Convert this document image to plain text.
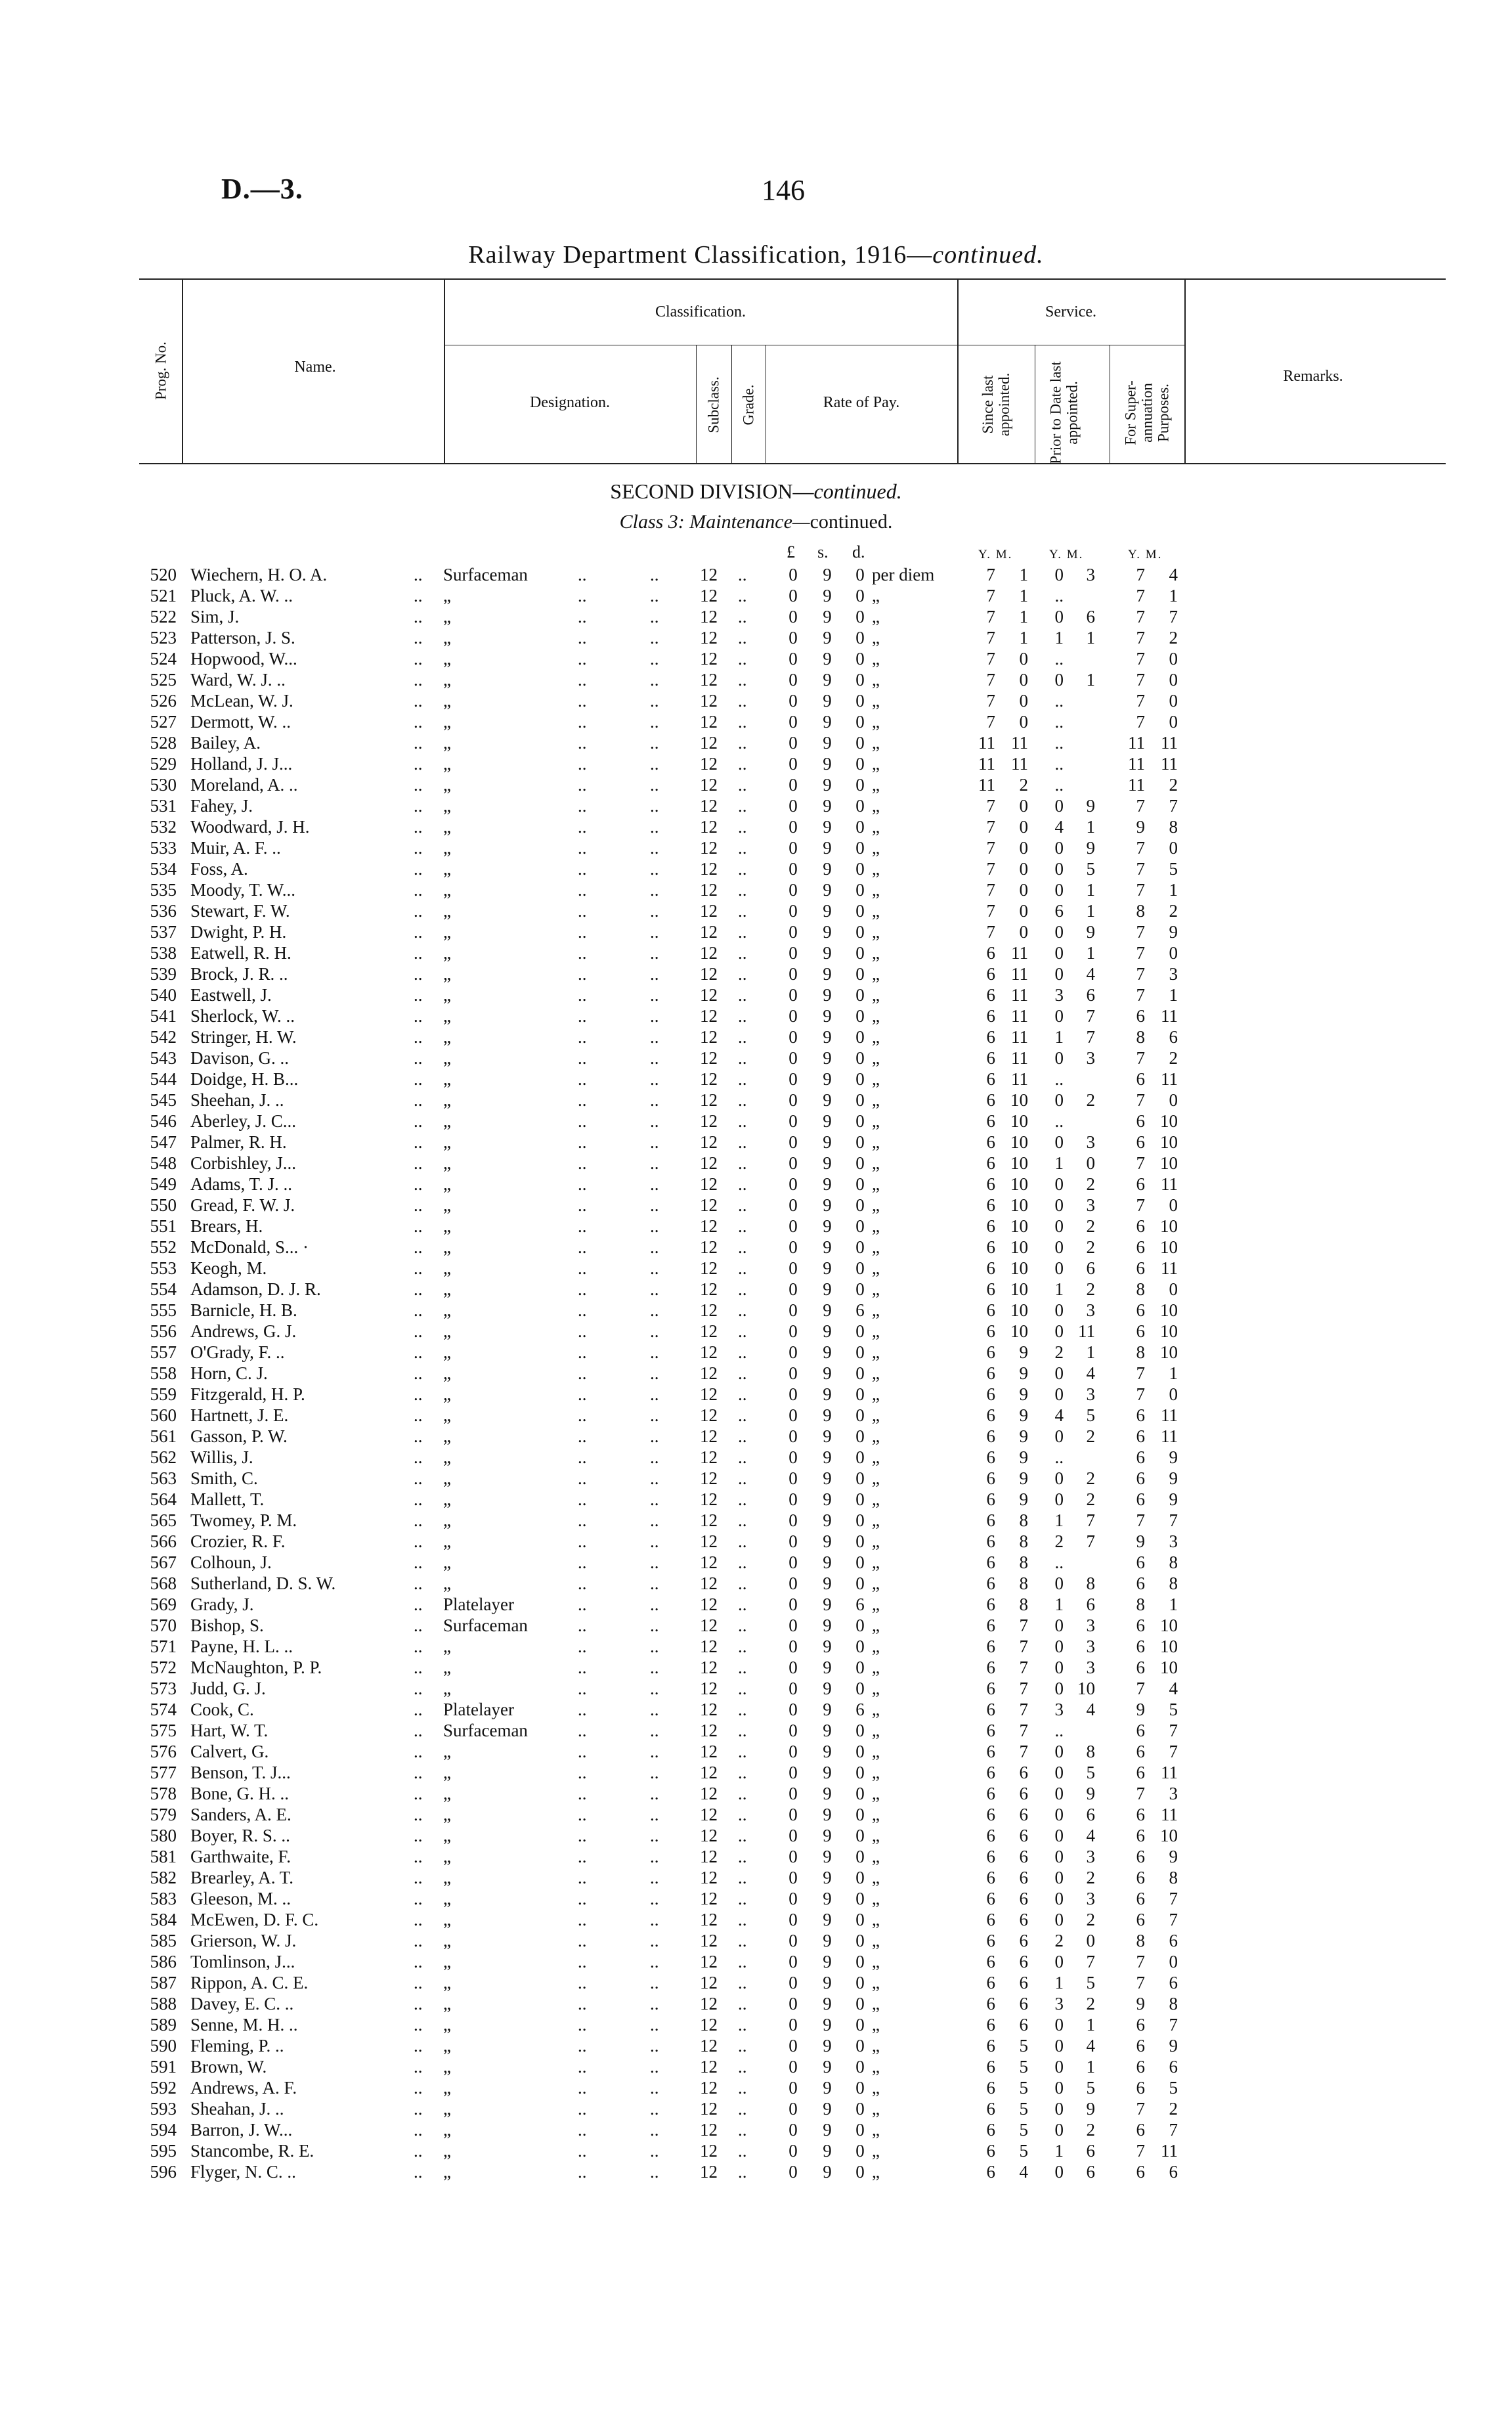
D.—3.	146
Railway Department Classification, 1916—continued.
Prog. No.	Name.
Classification.
Designation.	Subclass. Grade.	Rate of Pay.
Service.
Since last appointed. Prior to Date last appointed.	For Super-annuation Purposes.
Remarks.
SECOND DIVISION—continued.
Class 3: Maintenance—continued.
£ s. d.	Y. M.	Y. M.	Y. M.
520 Wiechern, H. O. A.	.. Surfaceman	..	..	12 .. 0 9 0 per diem	7	1	0	3	7	4
521 Pluck, A. W. ..	.. „	..	..	12 .. 0 9 0 „	7	1	..	7	1
522 Sim, J.	.. „	..	..	12 .. 0 9 0 „	7	1	0	6	7	7
523 Patterson, J. S.	.. „	..	..	12 .. 0 9 0 „	7	1	1	1	7	2
524 Hopwood, W...	.. „	..	..	12 .. 0 9 0 „	7	0	..	7	0
525 Ward, W. J. ..	.. „	..	..	12 .. 0 9 0 „	7	0	0	1	7	0
526 McLean, W. J.	.. „	..	..	12 .. 0 9 0 „	7	0	..	7	0
527 Dermott, W. ..	.. „	..	..	12 .. 0 9 0 „	7	0	..	7	0
528 Bailey, A.	.. „	..	..	12 .. 0 9 0 „	11 11	..	11 11
529 Holland, J. J...	.. „	..	..	12 .. 0 9 0 „	11 11	..	11 11
530 Moreland, A. ..	.. „	..	..	12 .. 0 9 0 „	11	2	..	11	2
531 Fahey, J.	.. „	..	..	12 .. 0 9 0 „	7	0	0	9	7	7
532 Woodward, J. H.	.. „	..	..	12 .. 0 9 0 „	7	0	4	1	9	8
533 Muir, A. F. ..	.. „	..	..	12 .. 0 9 0 „	7	0	0	9	7	0
534 Foss, A.	.. „	..	..	12 .. 0 9 0 „	7	0	0	5	7	5
535 Moody, T. W...	.. „	..	..	12 .. 0 9 0 „	7	0	0	1	7	1
536 Stewart, F. W.	.. „	..	..	12 .. 0 9 0 „	7	0	6	1	8	2
537 Dwight, P. H.	.. „	..	..	12 .. 0 9 0 „	7	0	0	9	7	9
538 Eatwell, R. H.	.. „	..	..	12 .. 0 9 0 „	6 11	0	1	7	0
539 Brock, J. R. ..	.. „	..	..	12 .. 0 9 0 „	6 11	0	4	7	3
540 Eastwell, J.	.. „	..	..	12 .. 0 9 0 „	6 11	3	6	7	1
541 Sherlock, W. ..	.. „	..	..	12 .. 0 9 0 „	6 11	0	7	6 11
542 Stringer, H. W.	.. „	..	..	12 .. 0 9 0 „	6 11	1	7	8	6
543 Davison, G. ..	.. „	..	..	12 .. 0 9 0 „	6 11	0	3	7	2
544 Doidge, H. B...	.. „	..	..	12 .. 0 9 0 „	6 11	..	6 11
545 Sheehan, J. ..	.. „	..	..	12 .. 0 9 0 „	6 10	0	2	7	0
546 Aberley, J. C...	.. „	..	..	12 .. 0 9 0 „	6 10	..	6 10
547 Palmer, R. H.	.. „	..	..	12 .. 0 9 0 „	6 10	0	3	6 10
548 Corbishley, J...	.. „	..	..	12 .. 0 9 0 „	6 10	1	0	7 10
549 Adams, T. J. ..	.. „	..	..	12 .. 0 9 0 „	6 10	0	2	6 11
550 Gread, F. W. J.	.. „	..	..	12 .. 0 9 0 „	6 10	0	3	7	0
551 Brears, H.	.. „	..	..	12 .. 0 9 0 „	6 10	0	2	6 10
552 McDonald, S... ·	.. „	..	..	12 .. 0 9 0 „	6 10	0	2	6 10
553 Keogh, M.	.. „	..	..	12 .. 0 9 0 „	6 10	0	6	6 11
554 Adamson, D. J. R.	.. „	..	..	12 .. 0 9 0 „	6 10	1	2	8	0
555 Barnicle, H. B.	.. „	..	..	12 .. 0 9 6 „	6 10	0	3	6 10
556 Andrews, G. J.	.. „	..	..	12 .. 0 9 0 „	6 10	0 11	6 10
557 O'Grady, F. ..	.. „	..	..	12 .. 0 9 0 „	6	9	2	1	8 10
558 Horn, C. J.	.. „	..	..	12 .. 0 9 0 „	6	9	0	4	7	1
559 Fitzgerald, H. P.	.. „	..	..	12 .. 0 9 0 „	6	9	0	3	7	0
560 Hartnett, J. E.	.. „	..	..	12 .. 0 9 0 „	6	9	4	5	6 11
561 Gasson, P. W.	.. „	..	..	12 .. 0 9 0 „	6	9	0	2	6 11
562 Willis, J.	.. „	..	..	12 .. 0 9 0 „	6	9	..	6	9
563 Smith, C.	.. „	..	..	12 .. 0 9 0 „	6	9	0	2	6	9
564 Mallett, T.	.. „	..	..	12 .. 0 9 0 „	6	9	0	2	6	9
565 Twomey, P. M.	.. „	..	..	12 .. 0 9 0 „	6	8	1	7	7	7
566 Crozier, R. F.	.. „	..	..	12 .. 0 9 0 „	6	8	2	7	9	3
567 Colhoun, J.	.. „	..	..	12 .. 0 9 0 „	6	8	..	6	8
568 Sutherland, D. S. W.	.. „	..	..	12 .. 0 9 0 „	6	8	0	8	6	8
569 Grady, J.	.. Platelayer	..	..	12 .. 0 9 6 „	6	8	1	6	8	1
570 Bishop, S.	.. Surfaceman	..	..	12 .. 0 9 0 „	6	7	0	3	6 10
571 Payne, H. L. ..	.. „	..	..	12 .. 0 9 0 „	6	7	0	3	6 10
572 McNaughton, P. P.	.. „	..	..	12 .. 0 9 0 „	6	7	0	3	6 10
573 Judd, G. J.	.. „	..	..	12 .. 0 9 0 „	6	7	0 10	7	4
574 Cook, C.	.. Platelayer	..	..	12 .. 0 9 6 „	6	7	3	4	9	5
575 Hart, W. T.	.. Surfaceman	..	..	12 .. 0 9 0 „	6	7	..	6	7
576 Calvert, G.	.. „	..	..	12 .. 0 9 0 „	6	7	0	8	6	7
577 Benson, T. J...	.. „	..	..	12 .. 0 9 0 „	6	6	0	5	6 11
578 Bone, G. H. ..	.. „	..	..	12 .. 0 9 0 „	6	6	0	9	7	3
579 Sanders, A. E.	.. „	..	..	12 .. 0 9 0 „	6	6	0	6	6 11
580 Boyer, R. S. ..	.. „	..	..	12 .. 0 9 0 „	6	6	0	4	6 10
581 Garthwaite, F.	.. „	..	..	12 .. 0 9 0 „	6	6	0	3	6	9
582 Brearley, A. T.	.. „	..	..	12 .. 0 9 0 „	6	6	0	2	6	8
583 Gleeson, M. ..	.. „	..	..	12 .. 0 9 0 „	6	6	0	3	6	7
584 McEwen, D. F. C.	.. „	..	..	12 .. 0 9 0 „	6	6	0	2	6	7
585 Grierson, W. J.	.. „	..	..	12 .. 0 9 0 „	6	6	2	0	8	6
586 Tomlinson, J...	.. „	..	..	12 .. 0 9 0 „	6	6	0	7	7	0
587 Rippon, A. C. E.	.. „	..	..	12 .. 0 9 0 „	6	6	1	5	7	6
588 Davey, E. C. ..	.. „	..	..	12 .. 0 9 0 „	6	6	3	2	9	8
589 Senne, M. H. ..	.. „	..	..	12 .. 0 9 0 „	6	6	0	1	6	7
590 Fleming, P. ..	.. „	..	..	12 .. 0 9 0 „	6	5	0	4	6	9
591 Brown, W.	.. „	..	..	12 .. 0 9 0 „	6	5	0	1	6	6
592 Andrews, A. F.	.. „	..	..	12 .. 0 9 0 „	6	5	0	5	6	5
593 Sheahan, J. ..	.. „	..	..	12 .. 0 9 0 „	6	5	0	9	7	2
594 Barron, J. W...	.. „	..	..	12 .. 0 9 0 „	6	5	0	2	6	7
595 Stancombe, R. E.	.. „	..	..	12 .. 0 9 0 „	6	5	1	6	7 11
596 Flyger, N. C. ..	.. „	..	..	12 .. 0 9 0 „	6	4	0	6	6	6
